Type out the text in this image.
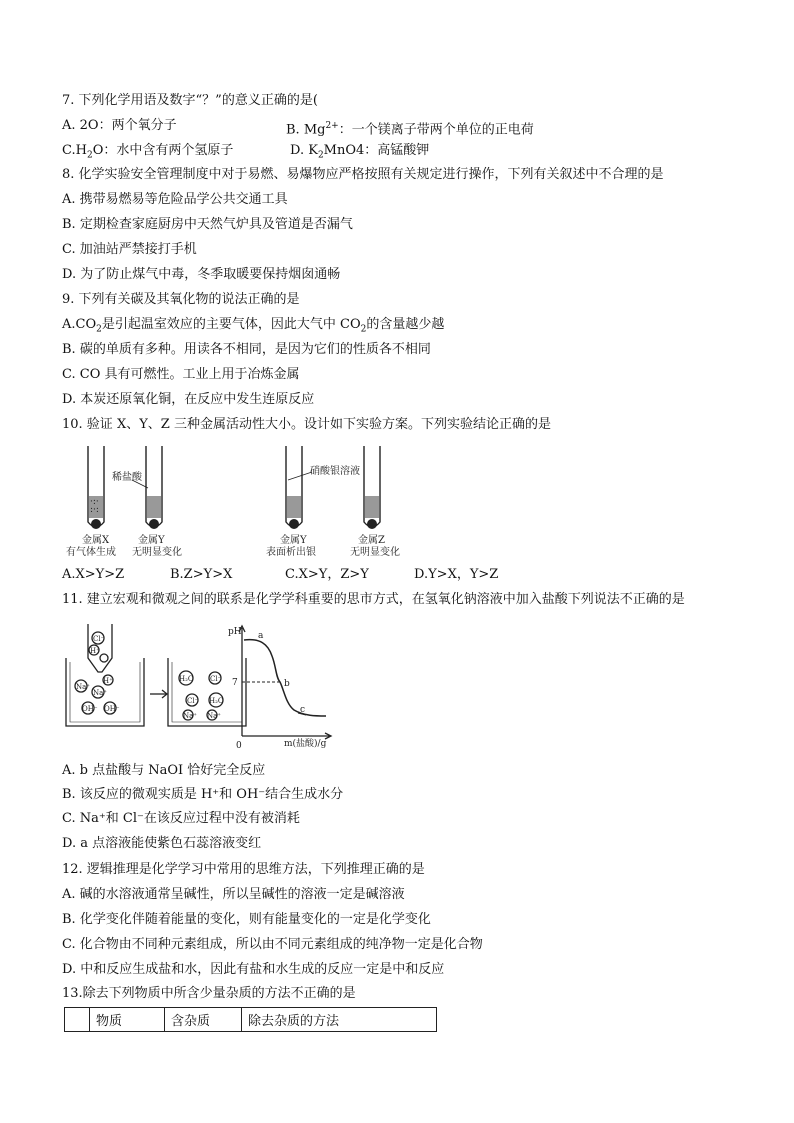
7. 下列化学用语及数字“？”的意义正确的是(
A. 2O：两个氧分子	B. $Mg^{2+}$：一个镁离子带两个单位的正电荷
$C.H_2O$：水中含有两个氢原子	D. $K_2MnO4$：高锰酸钾
8. 化学实验安全管理制度中对于易燃、易爆物应严格按照有关规定进行操作，下列有关叙述中不合理的是
A. 携带易燃易等危险品学公共交通工具
B. 定期检查家庭厨房中天然气炉具及管道是否漏气
C. 加油站严禁接打手机
D. 为了防止煤气中毒，冬季取暖要保持烟囱通畅
9. 下列有关碳及其氧化物的说法正确的是
$A.CO_2$是引起温室效应的主要气体，因此大气中 $CO_2$的含量越少越
B. 碳的单质有多种。用读各不相同，是因为它们的性质各不相同
C. CO 具有可燃性。工业上用于冶炼金属
D. 本炭还原氧化铜，在反应中发生连原反应
10. 验证 X、Y、Z 三种金属活动性大小。设计如下实验方案。下列实验结论正确的是
·:·
:·:
稀盐酸
硝酸银溶液
金属X
有气体生成
金属Y
无明显变化
金属Y
表面析出银
金属Z
无明显变化
A.X>Y>Z	B.Z>Y>X	C.X>Y，Z>Y	D.Y>X，Y>Z
11. 建立宏观和微观之间的联系是化学学科重要的思市方式，在氢氧化钠溶液中加入盐酸下列说法不正确的是
Cl⁻
H⁺
Na⁺
Na⁺
H⁺
OH⁻ OH⁻
H₂O Cl⁻
Cl⁻ H₂O
Na⁺ Na⁺
pH
7
0	m(盐酸)/g
a
b
c
A. b 点盐酸与 NaOI 恰好完全反应
B. 该反应的微观实质是 H⁺和 OH⁻结合生成水分
C. Na⁺和 Cl⁻在该反应过程中没有被消耗
D. a 点溶液能使紫色石蕊溶液变红
12. 逻辑推理是化学学习中常用的思维方法，下列推理正确的是
A. 碱的水溶液通常呈碱性，所以呈碱性的溶液一定是碱溶液
B. 化学变化伴随着能量的变化，则有能量变化的一定是化学变化
C. 化合物由不同种元素组成，所以由不同元素组成的纯净物一定是化合物
D. 中和反应生成盐和水，因此有盐和水生成的反应一定是中和反应
13.除去下列物质中所含少量杂质的方法不正确的是
	物质	含杂质	除去杂质的方法
